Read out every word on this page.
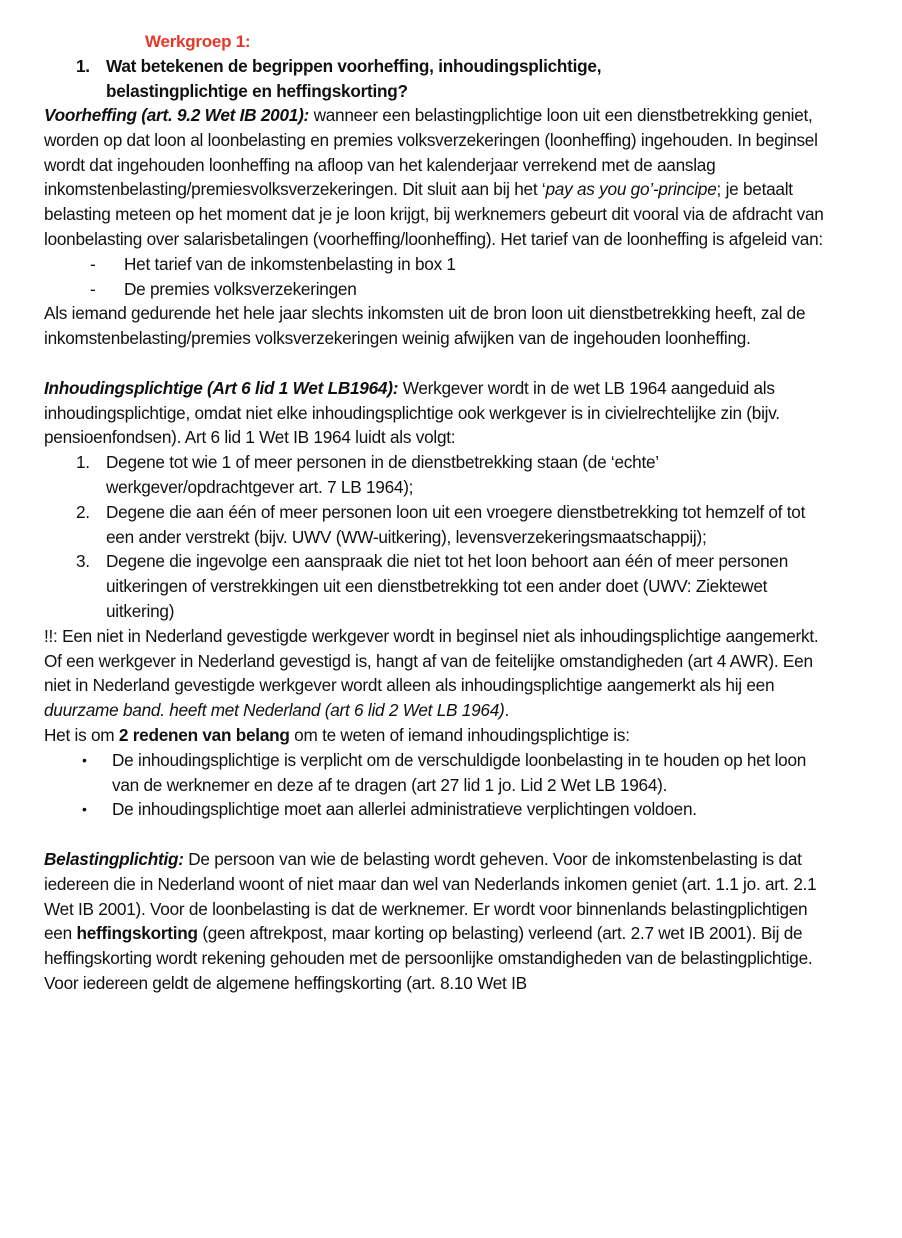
Werkgroep 1:
1. Wat betekenen de begrippen voorheffing, inhoudingsplichtige, belastingplichtige en heffingskorting?

Voorheffing (art. 9.2 Wet IB 2001): wanneer een belastingplichtige loon uit een dienstbetrekking geniet, worden op dat loon al loonbelasting en premies volksverzekeringen (loonheffing) ingehouden. In beginsel wordt dat ingehouden loonheffing na afloop van het kalenderjaar verrekend met de aanslag inkomstenbelasting/premiesvolksverzekeringen. Dit sluit aan bij het ‘pay as you go’-principe; je betaalt belasting meteen op het moment dat je je loon krijgt, bij werknemers gebeurt dit vooral via de afdracht van loonbelasting over salarisbetalingen (voorheffing/loonheffing). Het tarief van de loonheffing is afgeleid van:

-	Het tarief van de inkomstenbelasting in box 1
-	De premies volksverzekeringen

Als iemand gedurende het hele jaar slechts inkomsten uit de bron loon uit dienstbetrekking heeft, zal de inkomstenbelasting/premies volksverzekeringen weinig afwijken van de ingehouden loonheffing.

Inhoudingsplichtige (Art 6 lid 1 Wet LB1964): Werkgever wordt in de wet LB 1964 aangeduid als inhoudingsplichtige, omdat niet elke inhoudingsplichtige ook werkgever is in civielrechtelijke zin (bijv. pensioenfondsen). Art 6 lid 1 Wet IB 1964 luidt als volgt:

1. Degene tot wie 1 of meer personen in de dienstbetrekking staan (de ‘echte’ werkgever/opdrachtgever art. 7 LB 1964);
2. Degene die aan één of meer personen loon uit een vroegere dienstbetrekking tot hemzelf of tot een ander verstrekt (bijv. UWV (WW-uitkering), levensverzekeringsmaatschappij);
3. Degene die ingevolge een aanspraak die niet tot het loon behoort aan één of meer personen uitkeringen of verstrekkingen uit een dienstbetrekking tot een ander doet (UWV: Ziektewet uitkering)

!!: Een niet in Nederland gevestigde werkgever wordt in beginsel niet als inhoudingsplichtige aangemerkt. Of een werkgever in Nederland gevestigd is, hangt af van de feitelijke omstandigheden (art 4 AWR). Een niet in Nederland gevestigde werkgever wordt alleen als inhoudingsplichtige aangemerkt als hij een duurzame band. heeft met Nederland (art 6 lid 2 Wet LB 1964).

Het is om 2 redenen van belang om te weten of iemand inhoudingsplichtige is:

•	De inhoudingsplichtige is verplicht om de verschuldigde loonbelasting in te houden op het loon van de werknemer en deze af te dragen (art 27 lid 1 jo. Lid 2 Wet LB 1964).
•	De inhoudingsplichtige moet aan allerlei administratieve verplichtingen voldoen.

Belastingplichtig: De persoon van wie de belasting wordt geheven. Voor de inkomstenbelasting is dat iedereen die in Nederland woont of niet maar dan wel van Nederlands inkomen geniet (art. 1.1 jo. art. 2.1 Wet IB 2001). Voor de loonbelasting is dat de werknemer. Er wordt voor binnenlands belastingplichtigen een heffingskorting (geen aftrekpost, maar korting op belasting) verleend (art. 2.7 wet IB 2001). Bij de heffingskorting wordt rekening gehouden met de persoonlijke omstandigheden van de belastingplichtige. Voor iedereen geldt de algemene heffingskorting (art. 8.10 Wet IB
